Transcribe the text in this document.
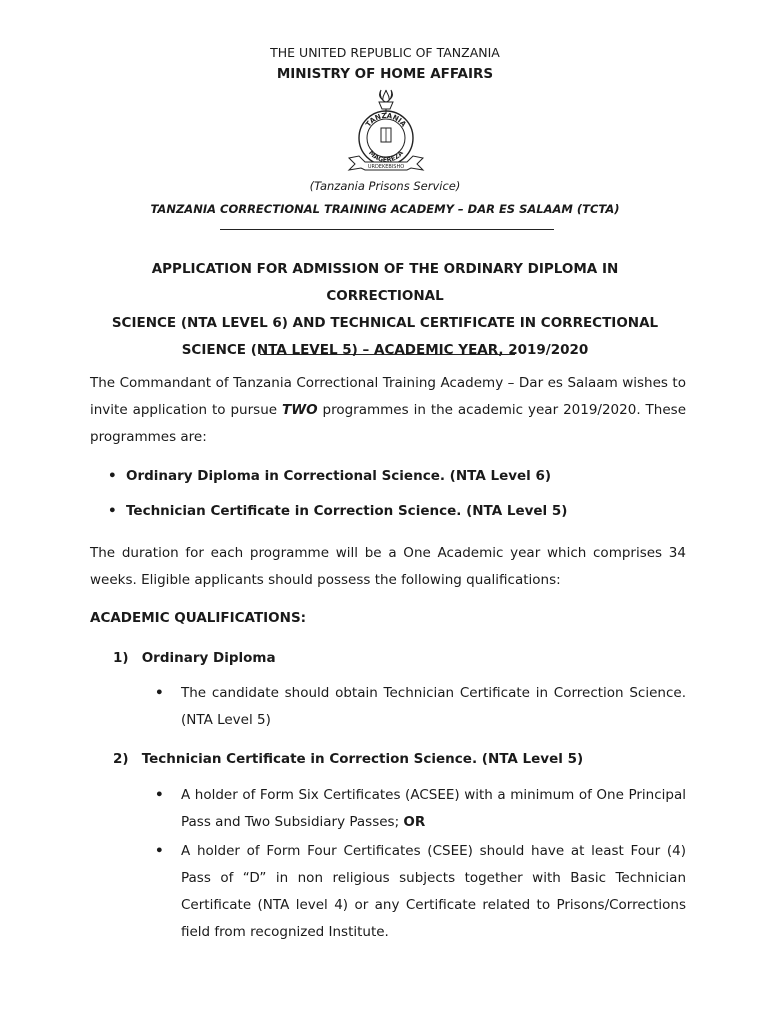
THE UNITED REPUBLIC OF TANZANIA
MINISTRY OF HOME AFFAIRS
TANZANIA
MAGEREZA
URDEKEBISHO
(Tanzania Prisons Service)
TANZANIA CORRECTIONAL TRAINING ACADEMY – DAR ES SALAAM (TCTA)
APPLICATION FOR ADMISSION OF THE ORDINARY DIPLOMA IN CORRECTIONAL
SCIENCE (NTA LEVEL 6) AND TECHNICAL CERTIFICATE IN CORRECTIONAL
SCIENCE (NTA LEVEL 5) – ACADEMIC YEAR, 2019/2020
The Commandant of Tanzania Correctional Training Academy – Dar es Salaam wishes to invite application to pursue TWO programmes in the academic year 2019/2020. These programmes are:
• Ordinary Diploma in Correctional Science. (NTA Level 6)
• Technician Certificate in Correction Science. (NTA Level 5)
The duration for each programme will be a One Academic year which comprises 34 weeks. Eligible applicants should possess the following qualifications:
ACADEMIC QUALIFICATIONS:
1) Ordinary Diploma
•	The candidate should obtain Technician Certificate in Correction Science. (NTA Level 5)
2) Technician Certificate in Correction Science. (NTA Level 5)
•	A holder of Form Six Certificates (ACSEE) with a minimum of One Principal Pass and Two Subsidiary Passes; OR
•	A holder of Form Four Certificates (CSEE) should have at least Four (4) Pass of “D” in non religious subjects together with Basic Technician Certificate (NTA level 4) or any Certificate related to Prisons/Corrections field from recognized Institute.
